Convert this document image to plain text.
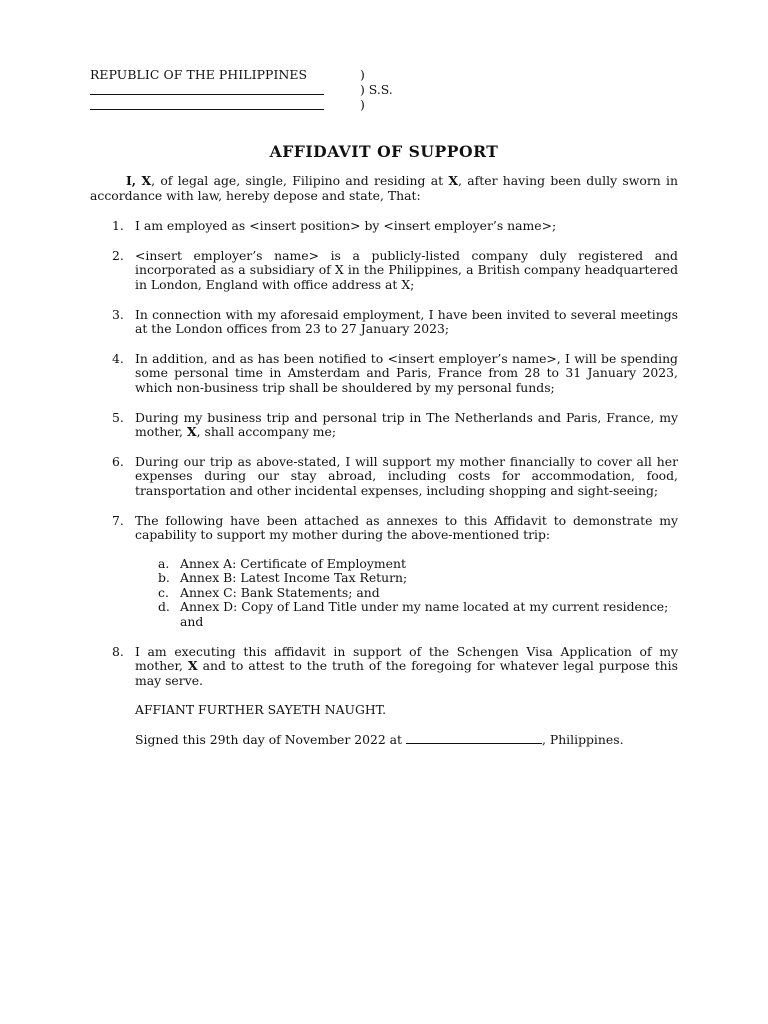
REPUBLIC OF THE PHILIPPINES	)
) S.S.
)
AFFIDAVIT OF SUPPORT

I, X, of legal age, single, Filipino and residing at X, after having been dully sworn in accordance with law, hereby depose and state, That:

1. I am employed as <insert position> by <insert employer’s name>;
2. <insert employer’s name> is a publicly-listed company duly registered and incorporated as a subsidiary of X in the Philippines, a British company headquartered in London, England with office address at X;
3. In connection with my aforesaid employment, I have been invited to several meetings at the London offices from 23 to 27 January 2023;
4. In addition, and as has been notified to <insert employer’s name>, I will be spending some personal time in Amsterdam and Paris, France from 28 to 31 January 2023, which non-business trip shall be shouldered by my personal funds;
5. During my business trip and personal trip in The Netherlands and Paris, France, my mother, X, shall accompany me;
6. During our trip as above-stated, I will support my mother financially to cover all her expenses during our stay abroad, including costs for accommodation, food, transportation and other incidental expenses, including shopping and sight-seeing;
7. The following have been attached as annexes to this Affidavit to demonstrate my capability to support my mother during the above-mentioned trip:
a. Annex A: Certificate of Employment
b. Annex B: Latest Income Tax Return;
c. Annex C: Bank Statements; and
d. Annex D: Copy of Land Title under my name located at my current residence; and
8. I am executing this affidavit in support of the Schengen Visa Application of my mother, X and to attest to the truth of the foregoing for whatever legal purpose this may serve.
AFFIANT FURTHER SAYETH NAUGHT.

Signed this 29th day of November 2022 at	, Philippines.
